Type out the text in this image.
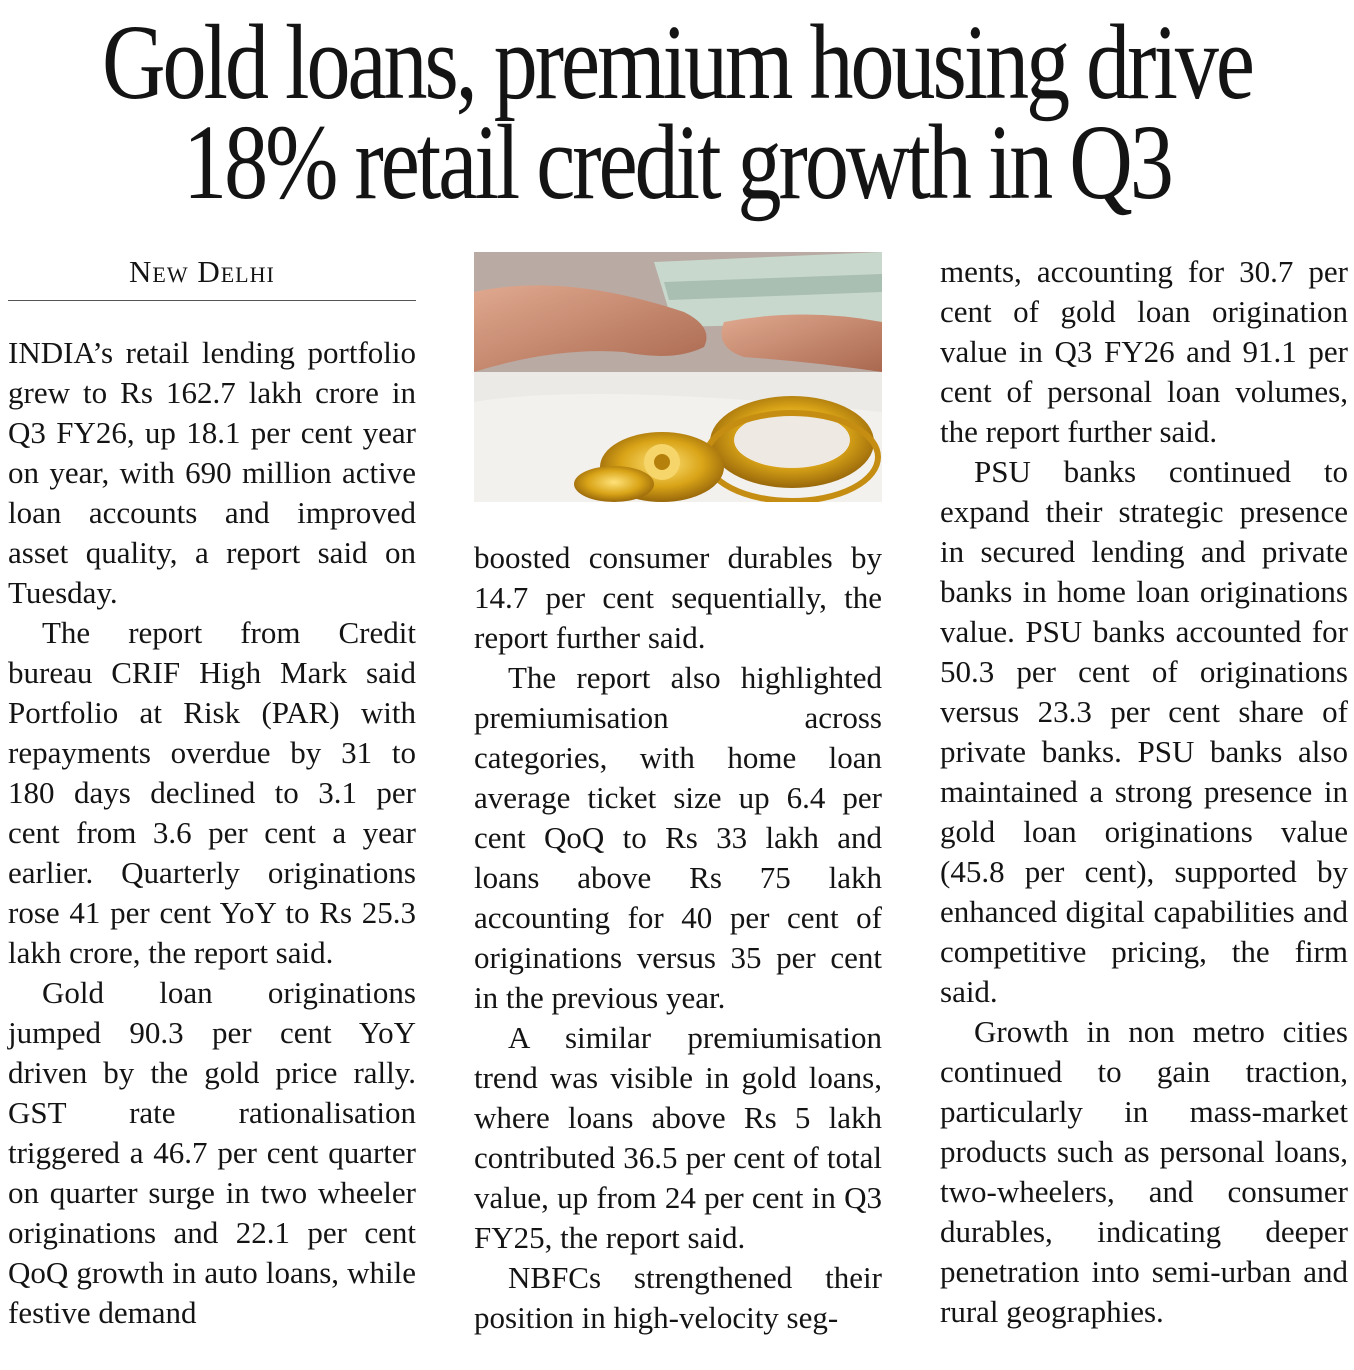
Gold loans, premium housing drive
18% retail credit growth in Q3
New Delhi

INDIA’s retail lending portfolio grew to Rs 162.7 lakh crore in Q3 FY26, up 18.1 per cent year on year, with 690 million active loan accounts and improved asset quality, a report said on Tuesday.

The report from Credit bureau CRIF High Mark said Portfolio at Risk (PAR) with repayments overdue by 31 to 180 days declined to 3.1 per cent from 3.6 per cent a year earlier. Quarterly originations rose 41 per cent YoY to Rs 25.3 lakh crore, the report said.

Gold loan originations jumped 90.3 per cent YoY driven by the gold price rally. GST rate rationalisation triggered a 46.7 per cent quarter on quarter surge in two wheeler originations and 22.1 per cent QoQ growth in auto loans, while festive demand

boosted consumer durables by 14.7 per cent sequentially, the report further said.

The report also highlighted premiumisation across categories, with home loan average ticket size up 6.4 per cent QoQ to Rs 33 lakh and loans above Rs 75 lakh accounting for 40 per cent of originations versus 35 per cent in the previous year.

A similar premiumisation trend was visible in gold loans, where loans above Rs 5 lakh contributed 36.5 per cent of total value, up from 24 per cent in Q3 FY25, the report said.

NBFCs strengthened their position in high-velocity seg-

ments, accounting for 30.7 per cent of gold loan origination value in Q3 FY26 and 91.1 per cent of personal loan volumes, the report further said.

PSU banks continued to expand their strategic presence in secured lending and private banks in home loan originations value. PSU banks accounted for 50.3 per cent of originations versus 23.3 per cent share of private banks. PSU banks also maintained a strong presence in gold loan originations value (45.8 per cent), supported by enhanced digital capabilities and competitive pricing, the firm said.

Growth in non metro cities continued to gain traction, particularly in mass-market products such as personal loans, two-wheelers, and consumer durables, indicating deeper penetration into semi-urban and rural geographies.
